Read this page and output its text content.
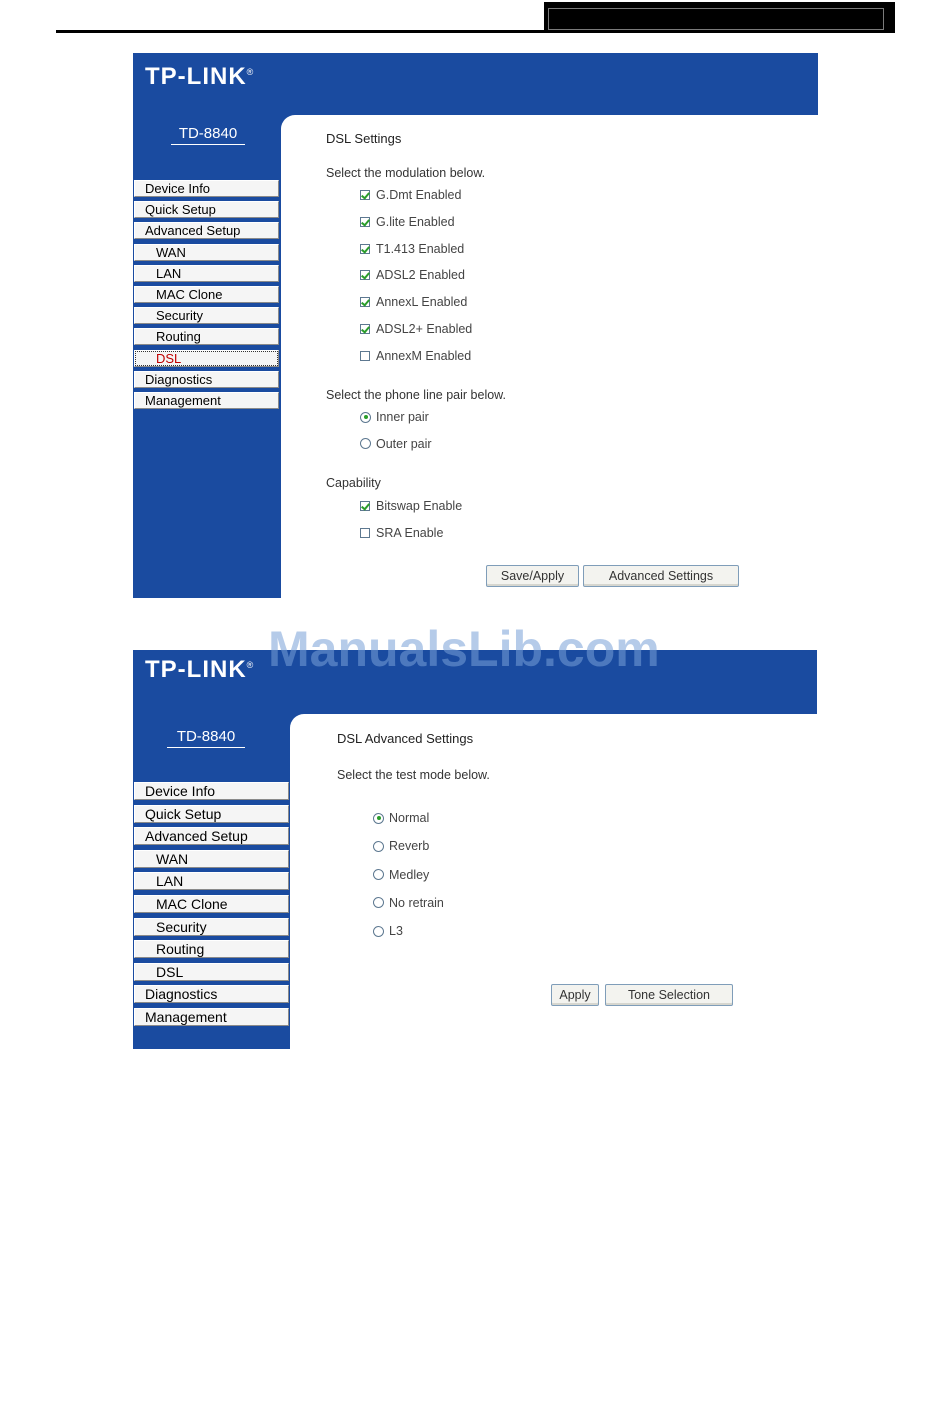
TP-LINK®
TD-8840
Device Info
Quick Setup
Advanced Setup
WAN
LAN
MAC Clone
Security
Routing
DSL
Diagnostics
Management
DSL Settings
Select the modulation below.
G.Dmt Enabled
G.lite Enabled
T1.413 Enabled
ADSL2 Enabled
AnnexL Enabled
ADSL2+ Enabled
AnnexM Enabled
Select the phone line pair below.
Inner pair
Outer pair
Capability
Bitswap Enable
SRA Enable
Save/Apply	Advanced Settings
TP-LINK®
TD-8840
Device Info
Quick Setup
Advanced Setup
WAN
LAN
MAC Clone
Security
Routing
DSL
Diagnostics
Management
DSL Advanced Settings
Select the test mode below.
Normal
Reverb
Medley
No retrain
L3
Apply	Tone Selection
ManualsLib.com
